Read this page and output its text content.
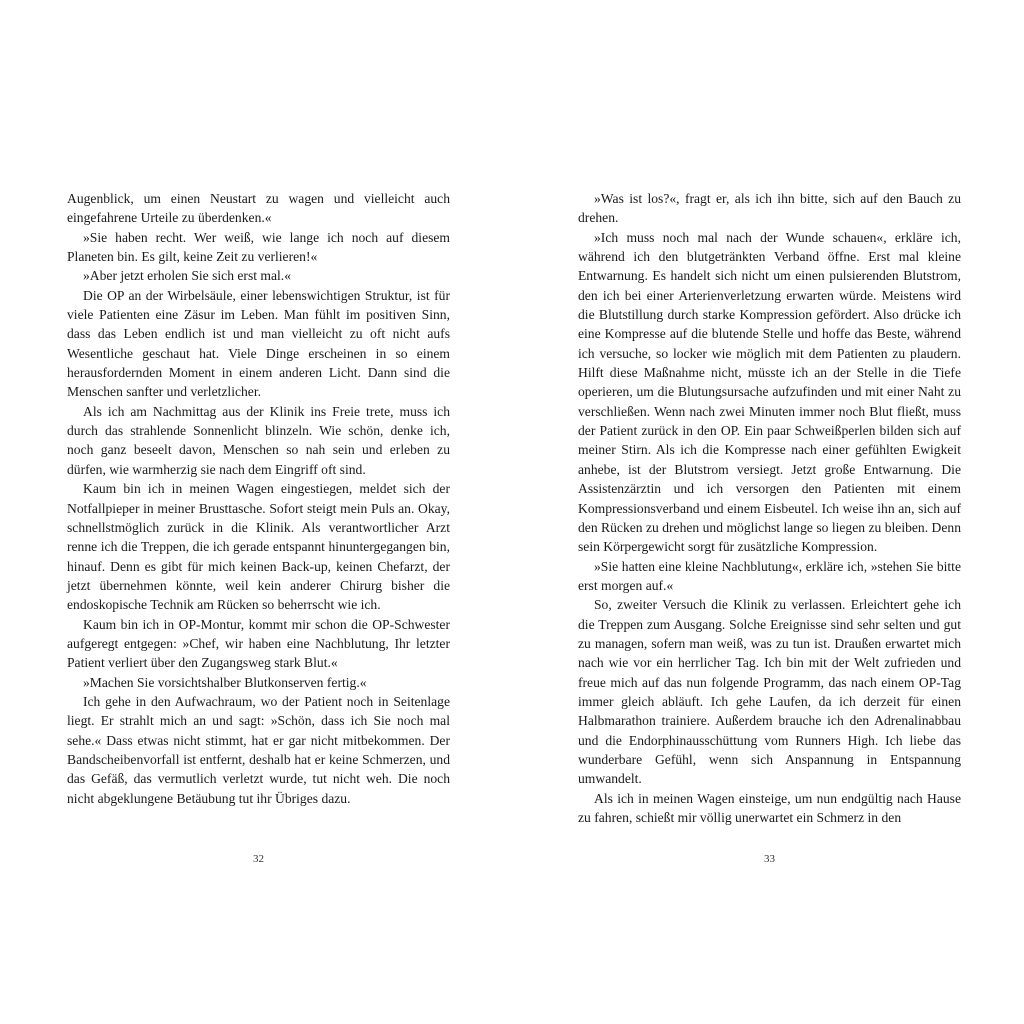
Augenblick, um einen Neustart zu wagen und vielleicht auch eingefahrene Urteile zu überdenken.«

»Sie haben recht. Wer weiß, wie lange ich noch auf diesem Planeten bin. Es gilt, keine Zeit zu verlieren!«

»Aber jetzt erholen Sie sich erst mal.«

Die OP an der Wirbelsäule, einer lebenswichtigen Struktur, ist für viele Patienten eine Zäsur im Leben. Man fühlt im positiven Sinn, dass das Leben endlich ist und man vielleicht zu oft nicht aufs Wesentliche geschaut hat. Viele Dinge erscheinen in so einem herausfordernden Moment in einem anderen Licht. Dann sind die Menschen sanfter und verletzlicher.

Als ich am Nachmittag aus der Klinik ins Freie trete, muss ich durch das strahlende Sonnenlicht blinzeln. Wie schön, denke ich, noch ganz beseelt davon, Menschen so nah sein und erleben zu dürfen, wie warmherzig sie nach dem Eingriff oft sind.

Kaum bin ich in meinen Wagen eingestiegen, meldet sich der Notfallpieper in meiner Brusttasche. Sofort steigt mein Puls an. Okay, schnellstmöglich zurück in die Klinik. Als verantwortlicher Arzt renne ich die Treppen, die ich gerade entspannt hinuntergegangen bin, hinauf. Denn es gibt für mich keinen Back-up, keinen Chefarzt, der jetzt übernehmen könnte, weil kein anderer Chirurg bisher die endoskopische Technik am Rücken so beherrscht wie ich.

Kaum bin ich in OP-Montur, kommt mir schon die OP-Schwester aufgeregt entgegen: »Chef, wir haben eine Nachblutung, Ihr letzter Patient verliert über den Zugangsweg stark Blut.«

»Machen Sie vorsichtshalber Blutkonserven fertig.«

Ich gehe in den Aufwachraum, wo der Patient noch in Seitenlage liegt. Er strahlt mich an und sagt: »Schön, dass ich Sie noch mal sehe.« Dass etwas nicht stimmt, hat er gar nicht mitbekommen. Der Bandscheibenvorfall ist entfernt, deshalb hat er keine Schmerzen, und das Gefäß, das vermutlich verletzt wurde, tut nicht weh. Die noch nicht abgeklungene Betäubung tut ihr Übriges dazu.

32

»Was ist los?«, fragt er, als ich ihn bitte, sich auf den Bauch zu drehen.

»Ich muss noch mal nach der Wunde schauen«, erkläre ich, während ich den blutgetränkten Verband öffne. Erst mal kleine Entwarnung. Es handelt sich nicht um einen pulsierenden Blutstrom, den ich bei einer Arterienverletzung erwarten würde. Meistens wird die Blutstillung durch starke Kompression gefördert. Also drücke ich eine Kompresse auf die blutende Stelle und hoffe das Beste, während ich versuche, so locker wie möglich mit dem Patienten zu plaudern. Hilft diese Maßnahme nicht, müsste ich an der Stelle in die Tiefe operieren, um die Blutungsursache aufzufinden und mit einer Naht zu verschließen. Wenn nach zwei Minuten immer noch Blut fließt, muss der Patient zurück in den OP. Ein paar Schweißperlen bilden sich auf meiner Stirn. Als ich die Kompresse nach einer gefühlten Ewigkeit anhebe, ist der Blutstrom versiegt. Jetzt große Entwarnung. Die Assistenzärztin und ich versorgen den Patienten mit einem Kompressionsverband und einem Eisbeutel. Ich weise ihn an, sich auf den Rücken zu drehen und möglichst lange so liegen zu bleiben. Denn sein Körpergewicht sorgt für zusätzliche Kompression.

»Sie hatten eine kleine Nachblutung«, erkläre ich, »stehen Sie bitte erst morgen auf.«

So, zweiter Versuch die Klinik zu verlassen. Erleichtert gehe ich die Treppen zum Ausgang. Solche Ereignisse sind sehr selten und gut zu managen, sofern man weiß, was zu tun ist. Draußen erwartet mich nach wie vor ein herrlicher Tag. Ich bin mit der Welt zufrieden und freue mich auf das nun folgende Programm, das nach einem OP-Tag immer gleich abläuft. Ich gehe Laufen, da ich derzeit für einen Halbmarathon trainiere. Außerdem brauche ich den Adrenalinabbau und die Endorphinausschüttung vom Runners High. Ich liebe das wunderbare Gefühl, wenn sich Anspannung in Entspannung umwandelt.

Als ich in meinen Wagen einsteige, um nun endgültig nach Hause zu fahren, schießt mir völlig unerwartet ein Schmerz in den

33
